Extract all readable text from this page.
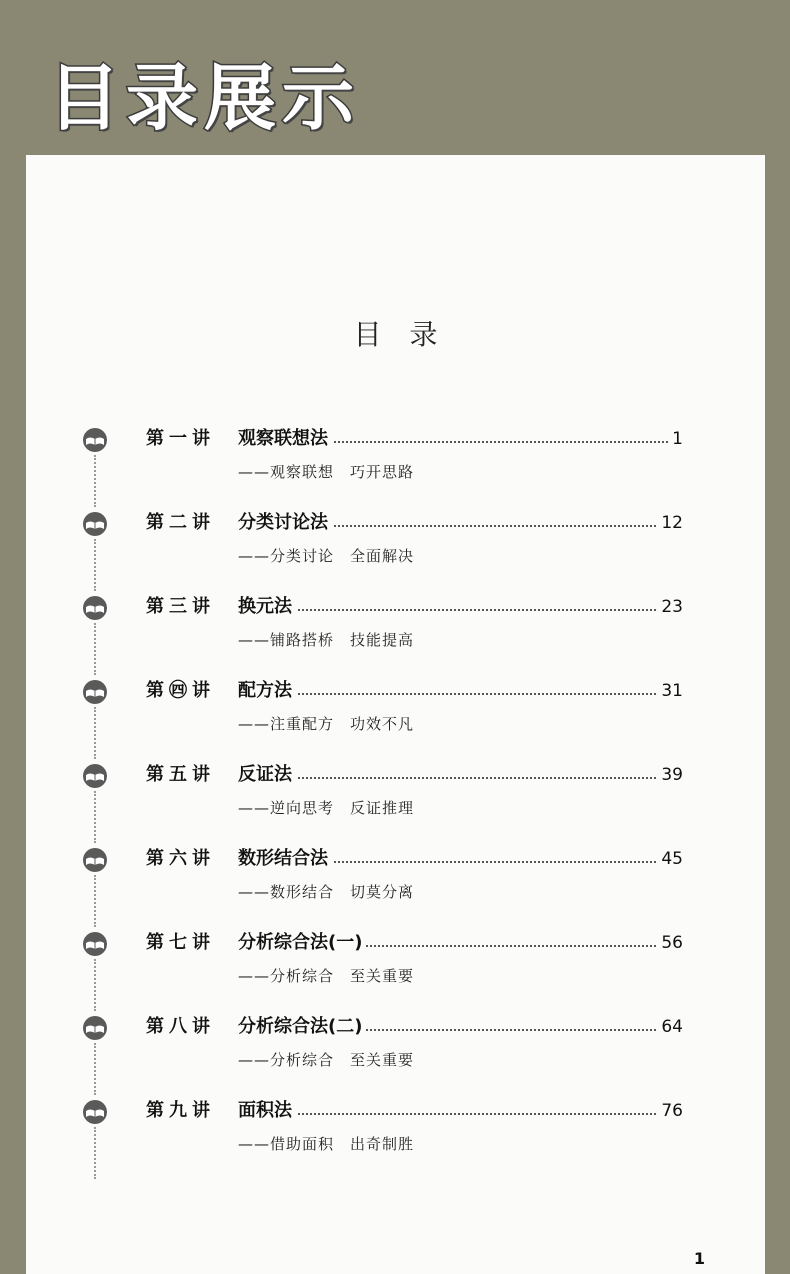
目录展示
目录
第一讲 观察联想法	1
——观察联想　巧开思路
第二讲 分类讨论法	12
——分类讨论　全面解决
第三讲 换元法	23
——铺路搭桥　技能提高
第㊃讲 配方法	31
——注重配方　功效不凡
第五讲 反证法	39
——逆向思考　反证推理
第六讲 数形结合法	45
——数形结合　切莫分离
第七讲 分析综合法(一)	56
——分析综合　至关重要
第八讲 分析综合法(二)	64
——分析综合　至关重要
第九讲 面积法	76
——借助面积　出奇制胜
1
